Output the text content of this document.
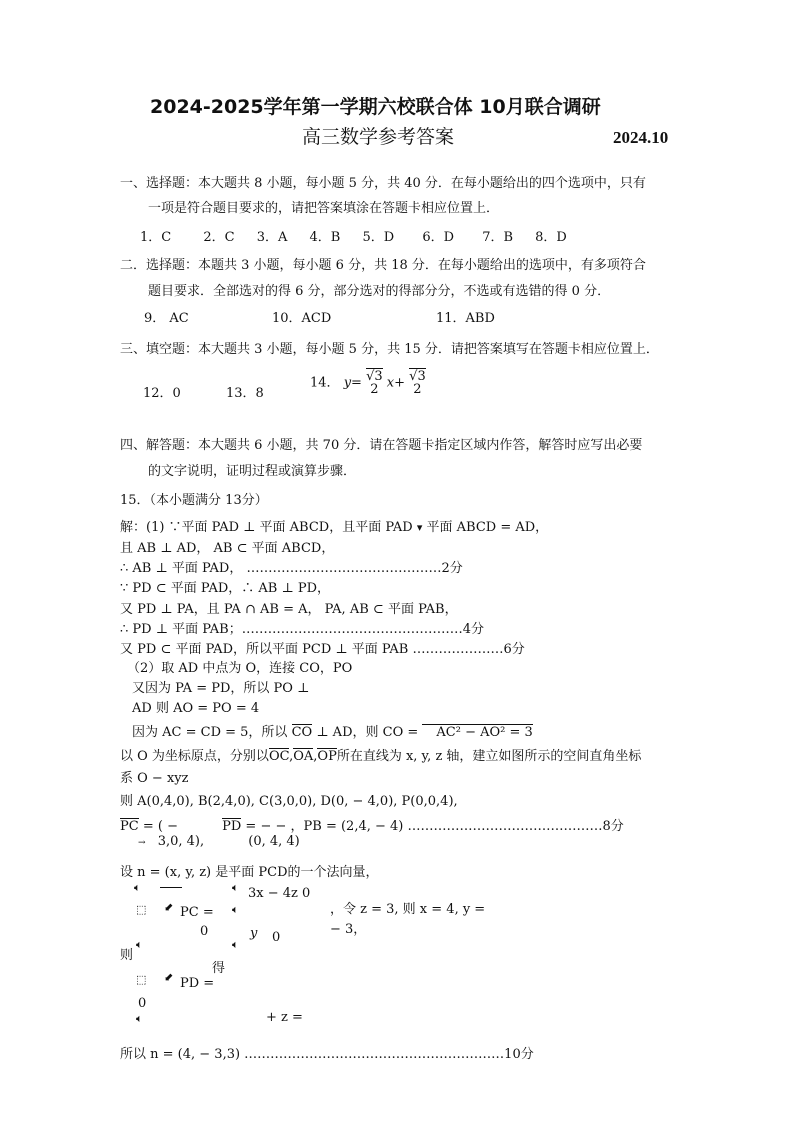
2024-2025学年第一学期六校联合体 10月联合调研
高三数学参考答案	2024.10
一、选择题：本大题共 8 小题，每小题 5 分，共 40 分．在每小题给出的四个选项中，只有
一项是符合题目要求的，请把答案填涂在答题卡相应位置上．
1．C 2．C 3．A 4．B 5．D 6．D 7．B 8．D
二．选择题：本题共 3 小题，每小题 6 分，共 18 分．在每小题给出的选项中，有多项符合
题目要求．全部选对的得 6 分，部分选对的得部分分，不选或有选错的得 0 分．
9． AC	10．ACD	11．ABD
三、填空题：本大题共 3 小题，每小题 5 分，共 15 分．请把答案填写在答题卡相应位置上．
12．0	13．8
14． y= √3
2 x+ √3
2
四、解答题：本大题共 6 小题，共 70 分．请在答题卡指定区域内作答，解答时应写出必要
的文字说明，证明过程或演算步骤．
15．（本小题满分 13分）
解：(1) ∵平面 PAD ⊥ 平面 ABCD，且平面 PAD ▾ 平面 ABCD = AD，
且 AB ⊥ AD， AB ⊂ 平面 ABCD，
∴ AB ⊥ 平面 PAD， ………………………………………2分
∵ PD ⊂ 平面 PAD，∴ AB ⊥ PD，
又 PD ⊥ PA，且 PA ∩ AB = A， PA, AB ⊂ 平面 PAB，
∴ PD ⊥ 平面 PAB；……………………………………………4分
又 PD ⊂ 平面 PAD，所以平面 PCD ⊥ 平面 PAB …………………6分
（2）取 AD 中点为 O，连接 CO，PO
又因为 PA = PD，所以 PO ⊥
AD 则 AO = PO = 4
因为 AC = CD = 5，所以 CO ⊥ AD，则 CO = AC² − AO² = 3
以 O 为坐标原点，分别以OC,OA,OP所在直线为 x, y, z 轴，建立如图所示的空间直角坐标
系 O − xyz
则 A(0,4,0), B(2,4,0), C(3,0,0), D(0, − 4,0), P(0,0,4),
PC = ( −	PD = − − ，PB = (2,4, − 4) ………………………………………8分
→ 3,0, 4),	(0, 4, 4)
设 n = (x, y, z) 是平面 PCD的一个法向量，
🔈︎	🔈︎ 3x − 4z 0
⬚ ⬋ PC = 🔈︎	，令 z = 3, 则 x = 4, y =
0	y 0
− 3，
则
🔈︎	🔈︎
得
⬚ ⬋ PD =
0
🔈︎	+ z =
所以 n = (4, − 3,3) ……………………………………………………10分
